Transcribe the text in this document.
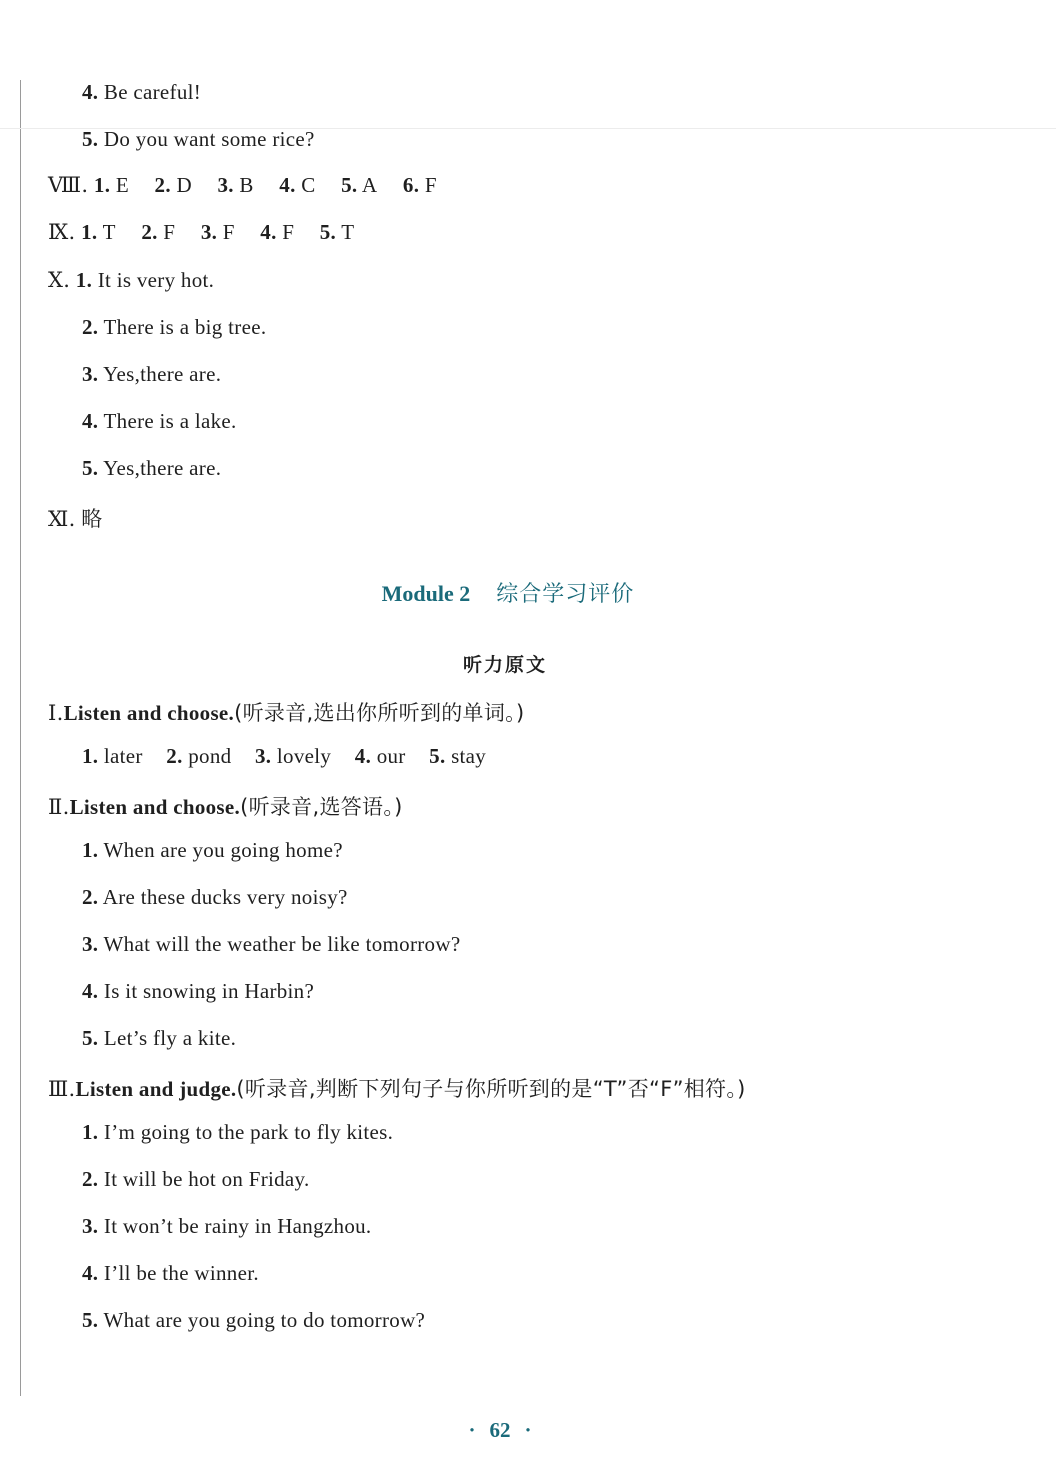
4. Be careful!
5. Do you want some rice?
Ⅷ. 1. E 2. D 3. B 4. C 5. A 6. F
Ⅸ. 1. T 2. F 3. F 4. F 5. T
Ⅹ. 1. It is very hot.
2. There is a big tree.
3. Yes,there are.
4. There is a lake.
5. Yes,there are.
Ⅺ. 略
Module 2 综合学习评价
听力原文
Ⅰ.Listen and choose.(听录音,选出你所听到的单词。)
1. later 2. pond 3. lovely 4. our 5. stay
Ⅱ.Listen and choose.(听录音,选答语。)
1. When are you going home?
2. Are these ducks very noisy?
3. What will the weather be like tomorrow?
4. Is it snowing in Harbin?
5. Let’s fly a kite.
Ⅲ.Listen and judge.(听录音,判断下列句子与你所听到的是“T”否“F”相符。)
1. I’m going to the park to fly kites.
2. It will be hot on Friday.
3. It won’t be rainy in Hangzhou.
4. I’ll be the winner.
5. What are you going to do tomorrow?
· 62 ·
